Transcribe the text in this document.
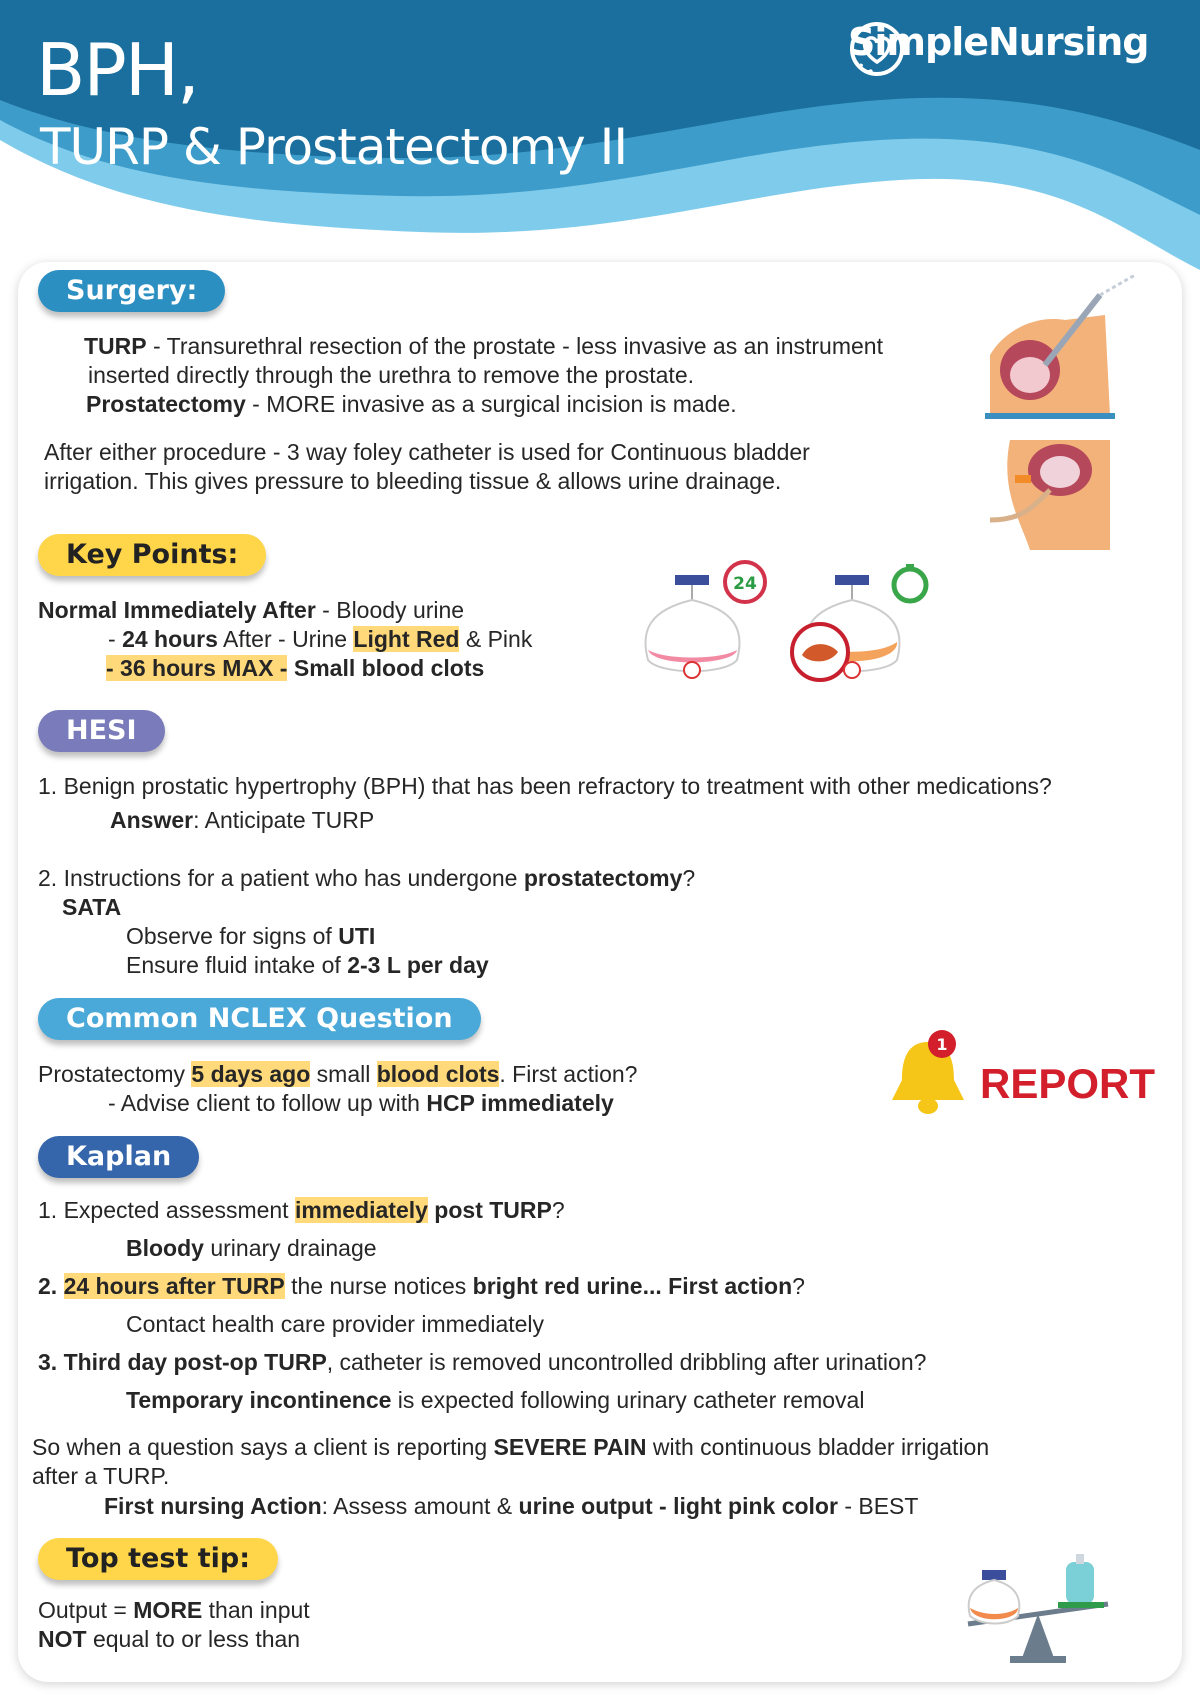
BPH,
TURP & Prostatectomy II
SimpleNursing
Surgery:
TURP - Transurethral resection of the prostate - less invasive as an instrument
inserted directly through the urethra to remove the prostate.
Prostatectomy - MORE invasive as a surgical incision is made.
After either procedure - 3 way foley catheter is used for Continuous bladder
irrigation. This gives pressure to bleeding tissue & allows urine drainage.
Key Points:
Normal Immediately After - Bloody urine
- 24 hours After - Urine Light Red & Pink
- 36 hours MAX - Small blood clots
24
HESI
1. Benign prostatic hypertrophy (BPH) that has been refractory to treatment with other medications?
Answer: Anticipate TURP
2. Instructions for a patient who has undergone prostatectomy?
SATA
Observe for signs of UTI
Ensure fluid intake of 2-3 L per day
Common NCLEX Question
Prostatectomy 5 days ago small blood clots. First action?
- Advise client to follow up with HCP immediately
1
REPORT
Kaplan
1. Expected assessment immediately post TURP?
Bloody urinary drainage
2. 24 hours after TURP the nurse notices bright red urine... First action?
Contact health care provider immediately
3. Third day post-op TURP, catheter is removed uncontrolled dribbling after urination?
Temporary incontinence is expected following urinary catheter removal
So when a question says a client is reporting SEVERE PAIN with continuous bladder irrigation
after a TURP.
First nursing Action: Assess amount & urine output - light pink color - BEST
Top test tip:
Output = MORE than input
NOT equal to or less than
